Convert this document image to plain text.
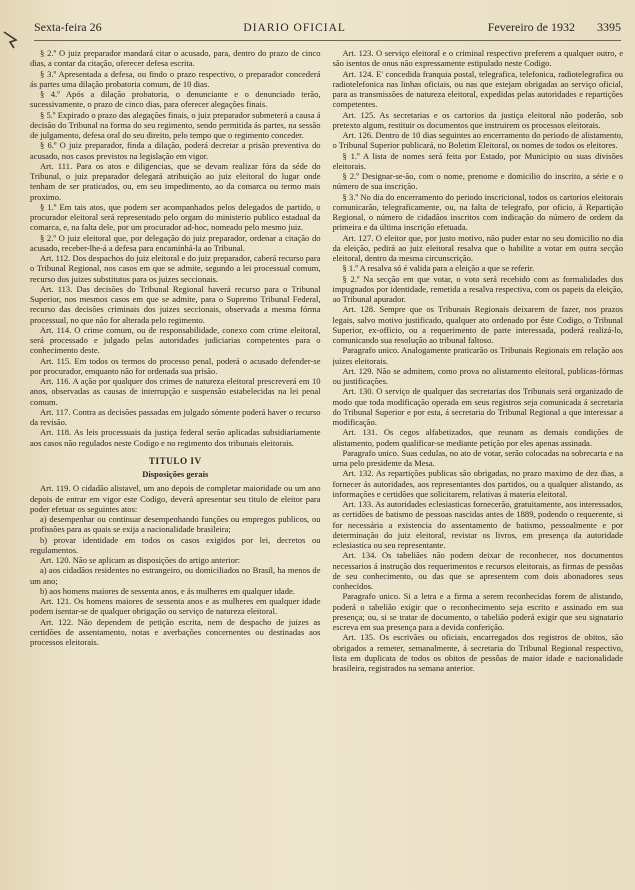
Sexta-feira 26	DIARIO OFICIAL	Fevereiro de 1932 3395

§ 2.º O juiz preparador mandará citar o acusado, para, dentro do prazo de cinco dias, a contar da citação, oferecer defesa escrita.

§ 3.º Apresentada a defesa, ou findo o prazo respectivo, o preparador concederá ás partes uma dilação probatoria comum, de 10 dias.

§ 4.º Após a dilação probatoria, o denunciante e o denunciado terão, sucessivamente, o prazo de cinco dias, para oferecer alegações finais.

§ 5.º Expirado o prazo das alegações finais, o juiz preparador submeterá a causa á decisão do Tribunal na forma do seu regimento, sendo permitida ás partes, na sessão de julgamento, defesa oral do seu direito, pelo tempo que o regimento conceder.

§ 6.º O juiz preparador, finda a dilação, poderá decretar a prisão preventiva do acusado, nos casos previstos na legislação em vigor.

Art. 111. Para os atos e diligencias, que se devam realizar fóra da séde do Tribunal, o juiz preparador delegará atribuição ao juiz eleitoral do lugar onde tenham de ser praticados, ou, em seu impedimento, ao da comarca ou termo mais proximo.

§ 1.º Em tais atos, que podem ser acompanhados pelos delegados de partido, o procurador eleitoral será representado pelo orgam do ministerio publico estadual da comarca, e, na falta dele, por um procurador ad-hoc, nomeado pelo mesmo juiz.

§ 2.º O juiz eleitoral que, por delegação do juiz preparador, ordenar a citação do acusado, receber-lhe-á a defesa para encaminhá-la ao Tribunal.

Art. 112. Dos despachos do juiz eleitoral e do juiz preparador, caberá recurso para o Tribunal Regional, nos casos em que se admite, segundo a lei processual comum, recurso dos juizes substitutos para os juizes seccionais.

Art. 113. Das decisões do Tribunal Regional haverá recurso para o Tribunal Superior, nos mesmos casos em que se admite, para o Supremo Tribunal Federal, recurso das decisões criminais dos juizes seccionais, observada a mesma fórma processual, no que não for alterada pelo regimento.

Art. 114. O crime comum, ou de responsabilidade, conexo com crime eleitoral, será processado e julgado pelas autoridades judiciarias competentes para o conhecimento deste.

Art. 115. Em todos os termos do processo penal, poderá o acusado defender-se por procurador, emquanto não for ordenada sua prisão.

Art. 116. A ação por qualquer dos crimes de natureza eleitoral prescreverá em 10 anos, observadas as causas de interrupção e suspensão estabelecidas na lei penal comum.

Art. 117. Contra as decisões passadas em julgado sómente poderá haver o recurso da revisão.

Art. 118. As leis processuais da justiça federal serão aplicadas subsidiariamente aos casos não regulados neste Codigo e no regimento dos tribunais eleitorais.

TITULO IV
Disposições gerais

Art. 119. O cidadão alistavel, um ano depois de completar maioridade ou um ano depois de entrar em vigor este Codigo, deverá apresentar seu titulo de eleitor para poder efetuar os seguintes atos:

a) desempenhar ou continuar desempenhando funções ou empregos publicos, ou profissões para as quais se exija a nacionalidade brasileira;

b) provar identidade em todos os casos exigidos por lei, decretos ou regulamentos.

Art. 120. Não se aplicam as disposições do artigo anterior:

a) aos cidadãos residentes no estrangeiro, ou domiciliados no Brasil, ha menos de um ano;

b) aos homens maiores de sessenta anos, e ás mulheres em qualquer idade.

Art. 121. Os homens maiores de sessenta anos e as mulheres em qualquer idade podem isentar-se de qualquer obrigação ou serviço de natureza eleitoral.

Art. 122. Não dependem de petição escrita, nem de despacho de juizes as certidões de assentamento, notas e averbações concernentes ou destinadas aos processos eleitorais.

Art. 123. O serviço eleitoral e o criminal respectivo preferem a qualquer outro, e são isentos de onus não expressamente estipulado neste Codigo.

Art. 124. E' concedida franquia postal, telegrafica, telefonica, radiotelegrafica ou radiotelefonica nas linhas oficiais, ou nas que estejam obrigadas ao serviço oficial, para as transmissões de natureza eleitoral, expedidas pelas autoridades e repartições competentes.

Art. 125. As secretarias e os cartorios da justiça eleitoral não poderão, sob pretexto algum, restituir os documentos que instruirem os processos eleitorais.

Art. 126. Dentro de 10 dias seguintes ao encerramento do periodo de alistamento, o Tribunal Superior publicará, no Boletim Eleitoral, os nomes de todos os eleitores.

§ 1.º A lista de nomes será feita por Estado, por Municipio ou suas divisões eleitorais.

§ 2.º Designar-se-ão, com o nome, prenome e domicilio do inscrito, a série e o número de sua inscrição.

§ 3.º No dia do encerramento do periodo inscricional, todos os cartorios eleitorais comunicarão, telegraficamente, ou, na falta de telegrafo, por oficio, á Repartição Regional, o número de cidadãos inscritos com indicação do número de ordem da primeira e da última inscrição efetuada.

Art. 127. O eleitor que, por justo motivo, não puder estar no seu domicilio no dia da eleição, pedirá ao juiz eleitoral resalva que o habilite a votar em outra secção eleitoral, dentro da mesma circunscrição.

§ 1.º A resalva só é valida para a eleição a que se referir.

§ 2.º Na secção em que votar, o voto será recebido com as formalidades dos impugnados por identidade, remetida a resalva respectiva, com os papeis da eleição, ao Tribunal apurador.

Art. 128. Sempre que os Tribunais Regionais deixarem de fazer, nos prazos legais, salvo motivo justificado, qualquer ato ordenado por êste Codigo, o Tribunal Superior, ex-officio, ou a requerimento de parte interessada, poderá realizá-lo, comunicando sua resolução ao tribunal faltoso.

Paragrafo unico. Analogamente praticarão os Tribunais Regionais em relação aos juizes eleitorais.

Art. 129. Não se admitem, como prova no alistamento eleitoral, publicas-fórmas ou justificações.

Art. 130. O serviço de qualquer das secretarias dos Tribunais será organizado de modo que toda modificação operada em seus registros seja comunicada á secretaria do Tribunal Superior e por esta, á secretaria do Tribunal Regional a que interessar a modificação.

Art. 131. Os cegos alfabetizados, que reunam as demais condições de alistamento, podem qualificar-se mediante petição por eles apenas assinada.

Paragrafo unico. Suas cedulas, no ato de votar, serão colocadas na sobrecarta e na urna pelo presidente da Mesa.

Art. 132. As repartições publicas são obrigadas, no prazo maximo de dez dias, a fornecer ás autoridades, aos representantes dos partidos, ou a qualquer alistando, as informações e certidões que solicitarem, relativas á materia eleitoral.

Art. 133. As autoridades eclesiasticas fornecerão, gratuitamente, aos interessados, as certidões de batismo de pessoas nascidas antes de 1889, podendo o requerente, si for necessária a existencia do assentamento de batismo, pessoalmente e por determinação do juiz eleitoral, revistar os livros, em presença da autoridade eclesiastica ou seu representante.

Art. 134. Os tabeliães não podem deixar de reconhecer, nos documentos necessarios á instrução dos requerimentos e recursos eleitorais, as firmas de pessôas de seu conhecimento, ou das que se apresentem com dois abonadores seus conhecidos.

Paragrafo unico. Si a letra e a firma a serem reconhecidas forem de alistando, poderá o tabelião exigir que o reconhecimento seja escrito e assinado em sua presença; ou, si se tratar de documento, o tabelião poderá exigir que seu signatario escreva em sua presença para a devida conferição.

Art. 135. Os escrivães ou oficiais, encarregados dos registros de obitos, são obrigados a remeter, semanalmente, á secretaria do Tribunal Regional respectivo, lista em duplicata de todos os obitos de pessôas de maior idade e nacionalidade brasileira, registrados na semana anterior.
